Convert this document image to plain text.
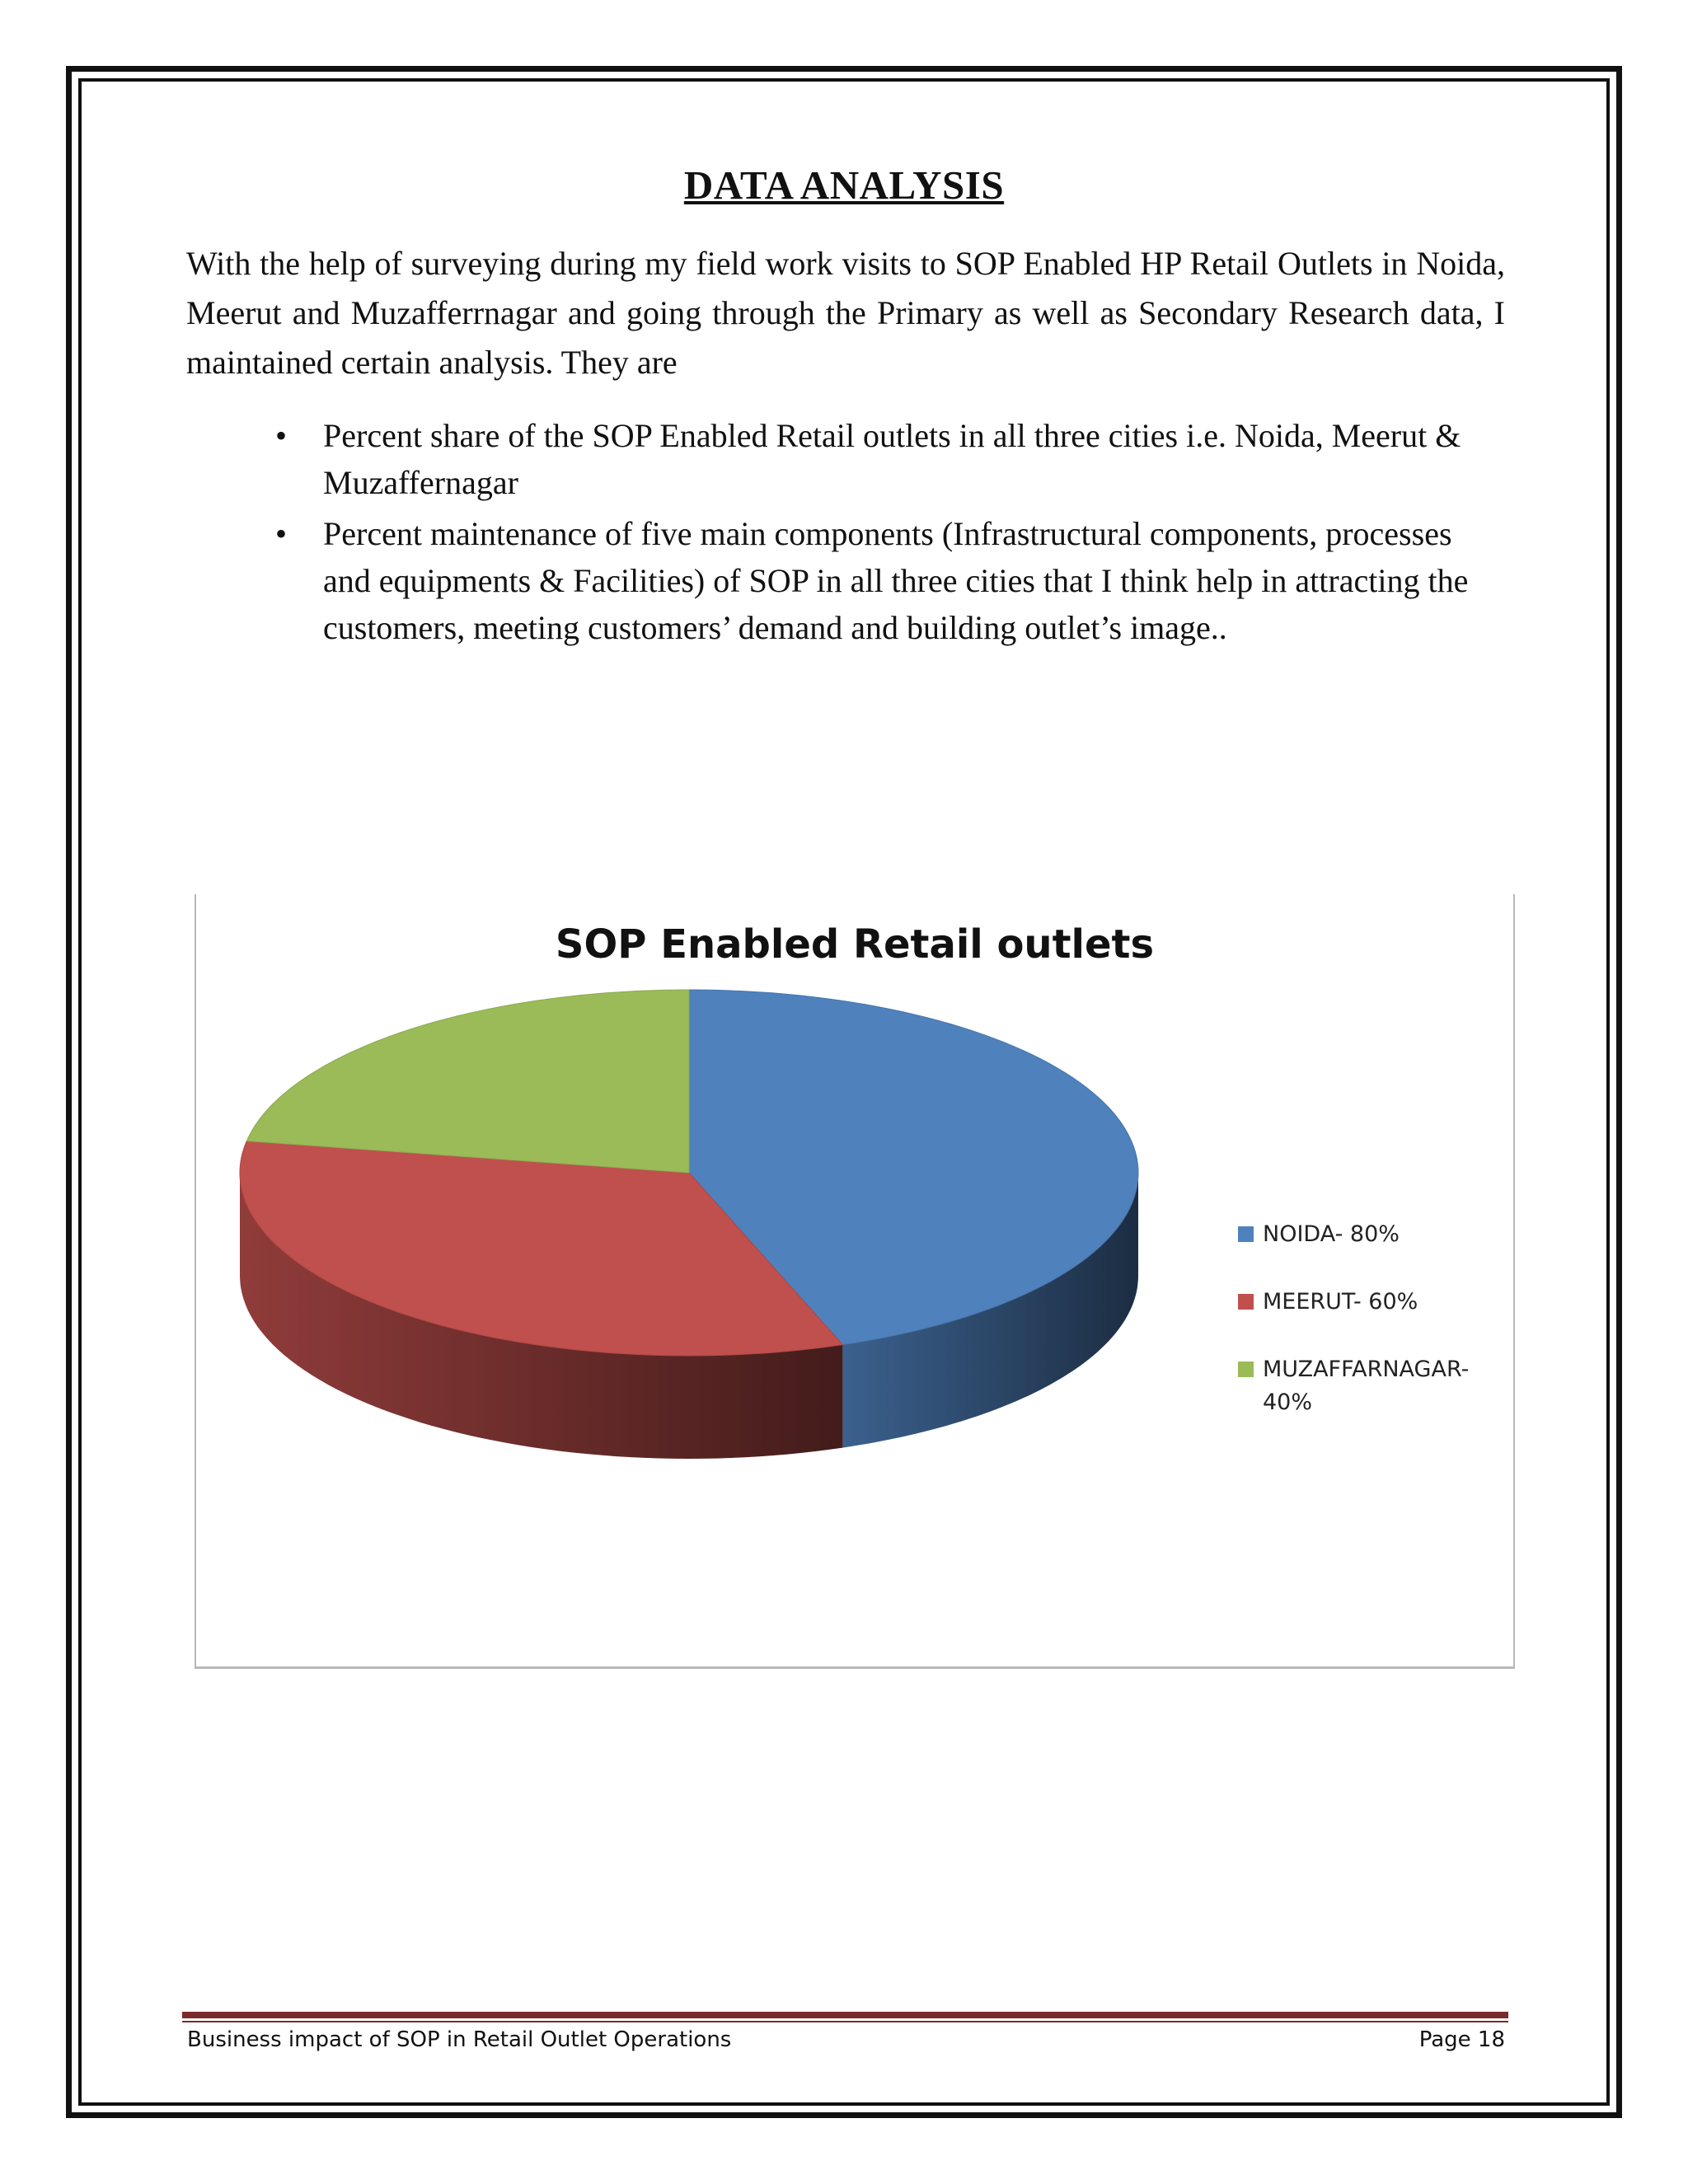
DATA ANALYSIS
With the help of surveying during my field work visits to SOP Enabled HP Retail Outlets in Noida, Meerut and Muzafferrnagar and going through the Primary as well as Secondary Research data, I maintained certain analysis. They are
• Percent share of the SOP Enabled Retail outlets in all three cities i.e. Noida, Meerut & Muzaffernagar
• Percent maintenance of five main components (Infrastructural components, processes and equipments & Facilities) of SOP in all three cities that I think help in attracting the customers, meeting customers’ demand and building outlet’s image..
SOP Enabled Retail outlets
NOIDA- 80%
MEERUT- 60%
MUZAFFARNAGAR- 40%
Business impact of SOP in Retail Outlet Operations	Page 18
